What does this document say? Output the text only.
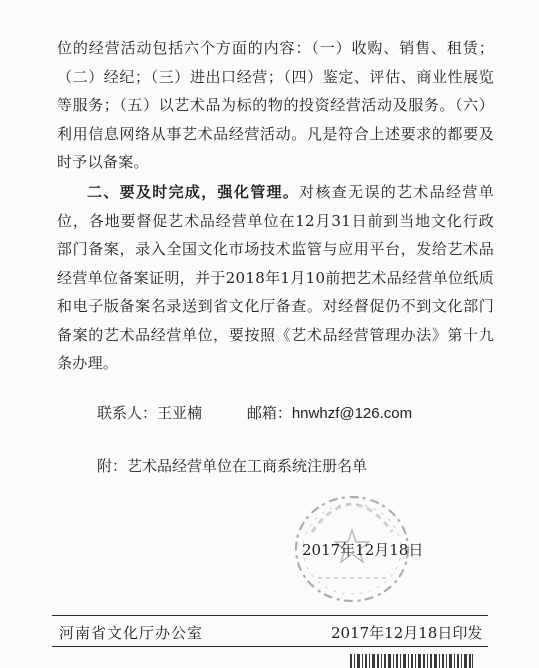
位的经营活动包括六个方面的内容：（一）收购、销售、租赁；（二）经纪；（三）进出口经营；（四）鉴定、评估、商业性展览等服务；（五）以艺术品为标的物的投资经营活动及服务。（六）利用信息网络从事艺术品经营活动。凡是符合上述要求的都要及时予以备案。

二、要及时完成，强化管理。对核查无误的艺术品经营单位，各地要督促艺术品经营单位在12月31日前到当地文化行政部门备案，录入全国文化市场技术监管与应用平台，发给艺术品经营单位备案证明，并于2018年1月10前把艺术品经营单位纸质和电子版备案名录送到省文化厅备查。对经督促仍不到文化部门备案的艺术品经营单位，要按照《艺术品经营管理办法》第十九条办理。

联系人：王亚楠	邮箱：hnwhzf@126.com
附：艺术品经营单位在工商系统注册名单
2017年12月18日
河南省文化厅办公室	2017年12月18日印发
